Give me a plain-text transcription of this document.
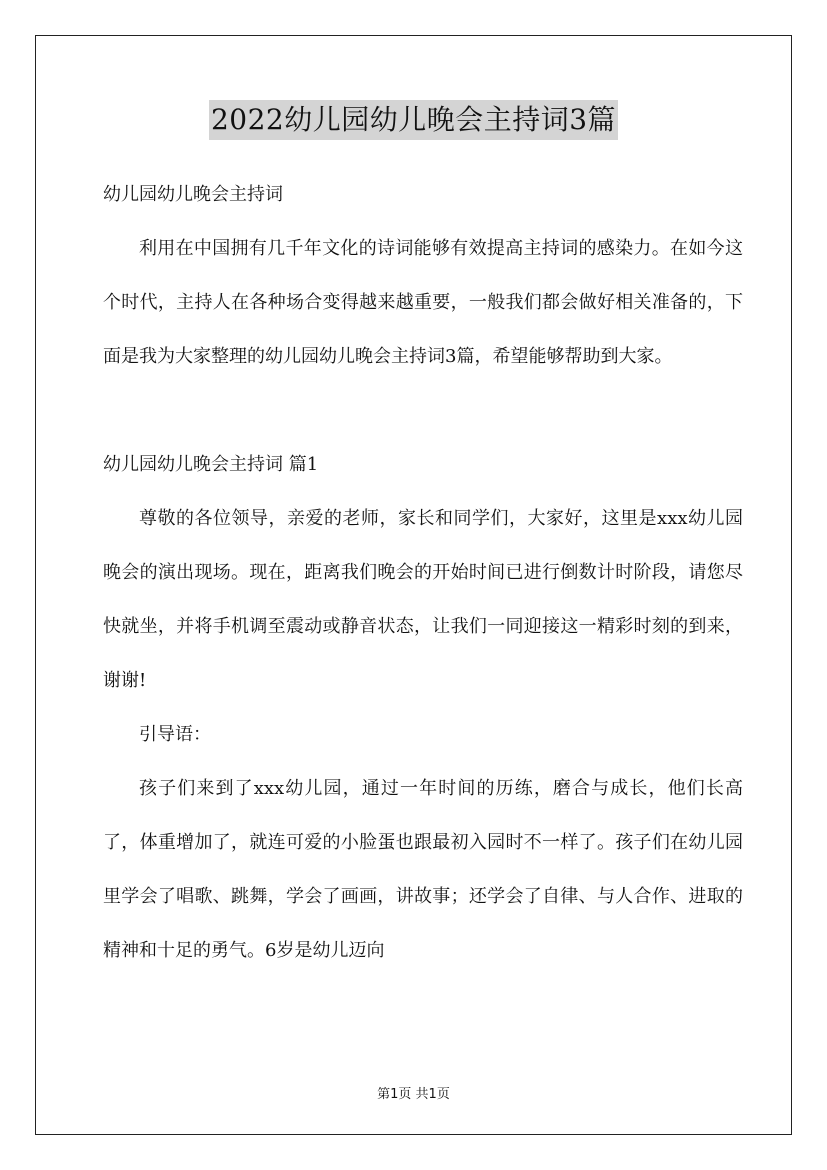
2022幼儿园幼儿晚会主持词3篇

幼儿园幼儿晚会主持词

利用在中国拥有几千年文化的诗词能够有效提高主持词的感染力。在如今这个时代，主持人在各种场合变得越来越重要，一般我们都会做好相关准备的，下面是我为大家整理的幼儿园幼儿晚会主持词3篇，希望能够帮助到大家。

幼儿园幼儿晚会主持词 篇1

尊敬的各位领导，亲爱的老师，家长和同学们，大家好，这里是xxx幼儿园晚会的演出现场。现在，距离我们晚会的开始时间已进行倒数计时阶段，请您尽快就坐，并将手机调至震动或静音状态，让我们一同迎接这一精彩时刻的到来，谢谢!

引导语：

孩子们来到了xxx幼儿园，通过一年时间的历练，磨合与成长，他们长高了，体重增加了，就连可爱的小脸蛋也跟最初入园时不一样了。孩子们在幼儿园里学会了唱歌、跳舞，学会了画画，讲故事；还学会了自律、与人合作、进取的精神和十足的勇气。6岁是幼儿迈向

第1页 共1页
